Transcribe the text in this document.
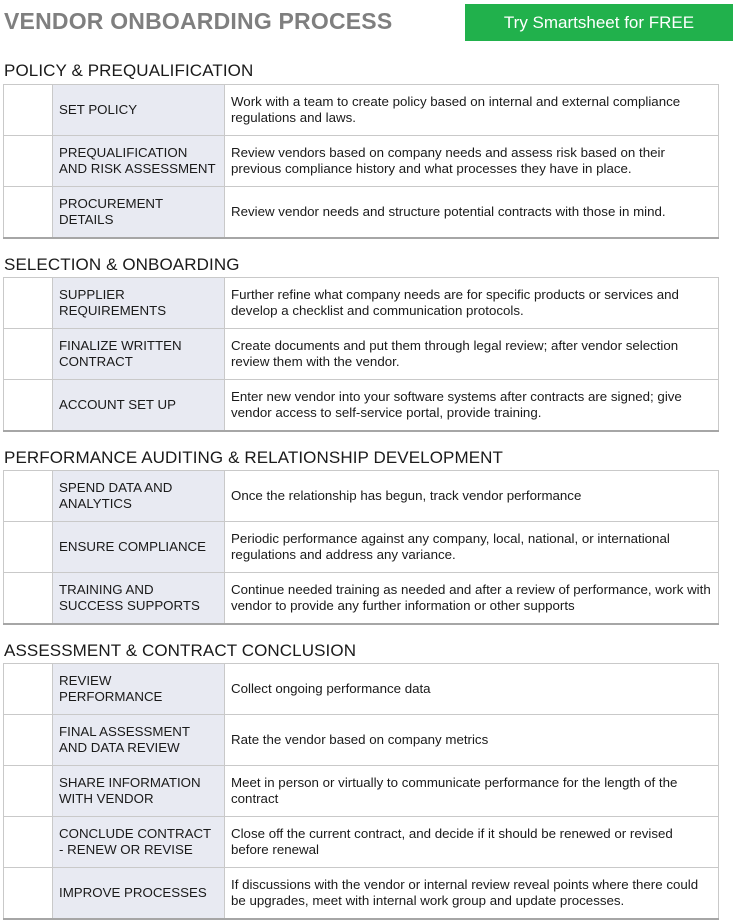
VENDOR ONBOARDING PROCESS	Try Smartsheet for FREE
POLICY & PREQUALIFICATION
	SET POLICY	Work with a team to create policy based on internal and external compliance regulations and laws.
	PREQUALIFICATION AND RISK ASSESSMENT	Review vendors based on company needs and assess risk based on their previous compliance history and what processes they have in place.
	PROCUREMENT DETAILS	Review vendor needs and structure potential contracts with those in mind.
SELECTION & ONBOARDING
	SUPPLIER REQUIREMENTS	Further refine what company needs are for specific products or services and develop a checklist and communication protocols.
	FINALIZE WRITTEN CONTRACT	Create documents and put them through legal review; after vendor selection review them with the vendor.
	ACCOUNT SET UP	Enter new vendor into your software systems after contracts are signed; give vendor access to self-service portal, provide training.
PERFORMANCE AUDITING & RELATIONSHIP DEVELOPMENT
	SPEND DATA AND ANALYTICS	Once the relationship has begun, track vendor performance
	ENSURE COMPLIANCE	Periodic performance against any company, local, national, or international regulations and address any variance.
	TRAINING AND SUCCESS SUPPORTS	Continue needed training as needed and after a review of performance, work with vendor to provide any further information or other supports
ASSESSMENT & CONTRACT CONCLUSION
	REVIEW PERFORMANCE	Collect ongoing performance data
	FINAL ASSESSMENT AND DATA REVIEW	Rate the vendor based on company metrics
	SHARE INFORMATION WITH VENDOR	Meet in person or virtually to communicate performance for the length of the contract
	CONCLUDE CONTRACT - RENEW OR REVISE	Close off the current contract, and decide if it should be renewed or revised before renewal
	IMPROVE PROCESSES	If discussions with the vendor or internal review reveal points where there could be upgrades, meet with internal work group and update processes.
